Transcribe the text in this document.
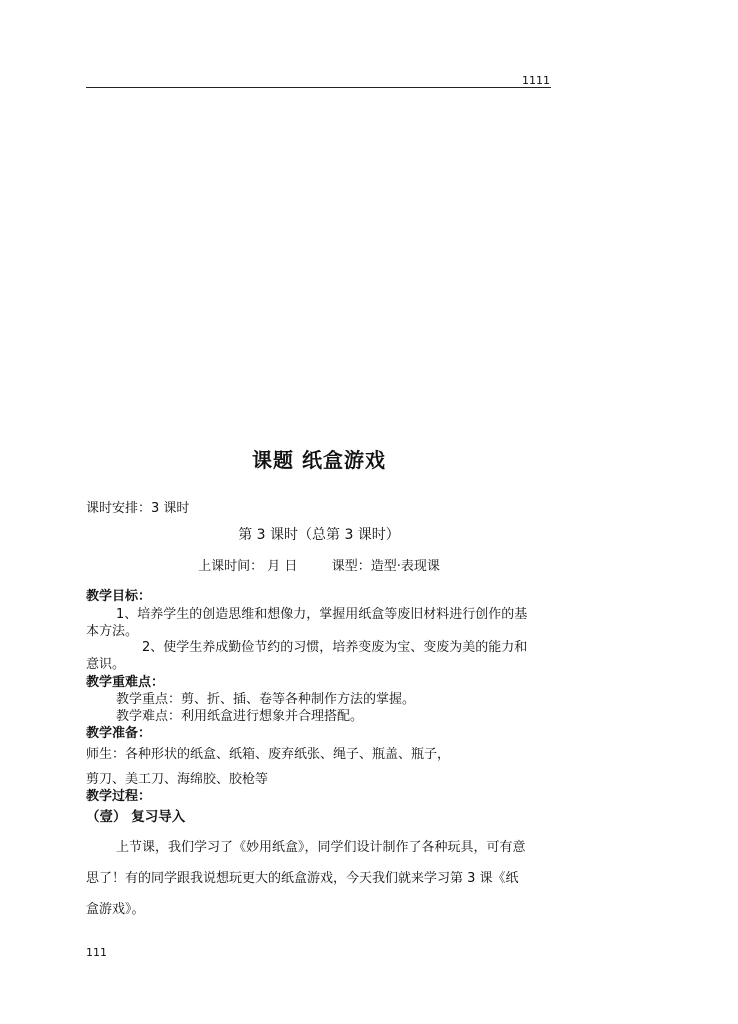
1111
课题 纸盒游戏
课时安排：3 课时
第 3 课时（总第 3 课时）
上课时间： 月 日	课型：造型·表现课
教学目标：
1、培养学生的创造思维和想像力，掌握用纸盒等废旧材料进行创作的基
本方法。
2、使学生养成勤俭节约的习惯，培养变废为宝、变废为美的能力和
意识。
教学重难点：
教学重点：剪、折、插、卷等各种制作方法的掌握。
教学难点：利用纸盒进行想象并合理搭配。
教学准备：
师生：各种形状的纸盒、纸箱、废弃纸张、绳子、瓶盖、瓶子，
剪刀、美工刀、海绵胶、胶枪等
教学过程：
（壹） 复习导入
上节课，我们学习了《妙用纸盒》，同学们设计制作了各种玩具，可有意
思了！有的同学跟我说想玩更大的纸盒游戏，今天我们就来学习第 3 课《纸
盒游戏》。
111
